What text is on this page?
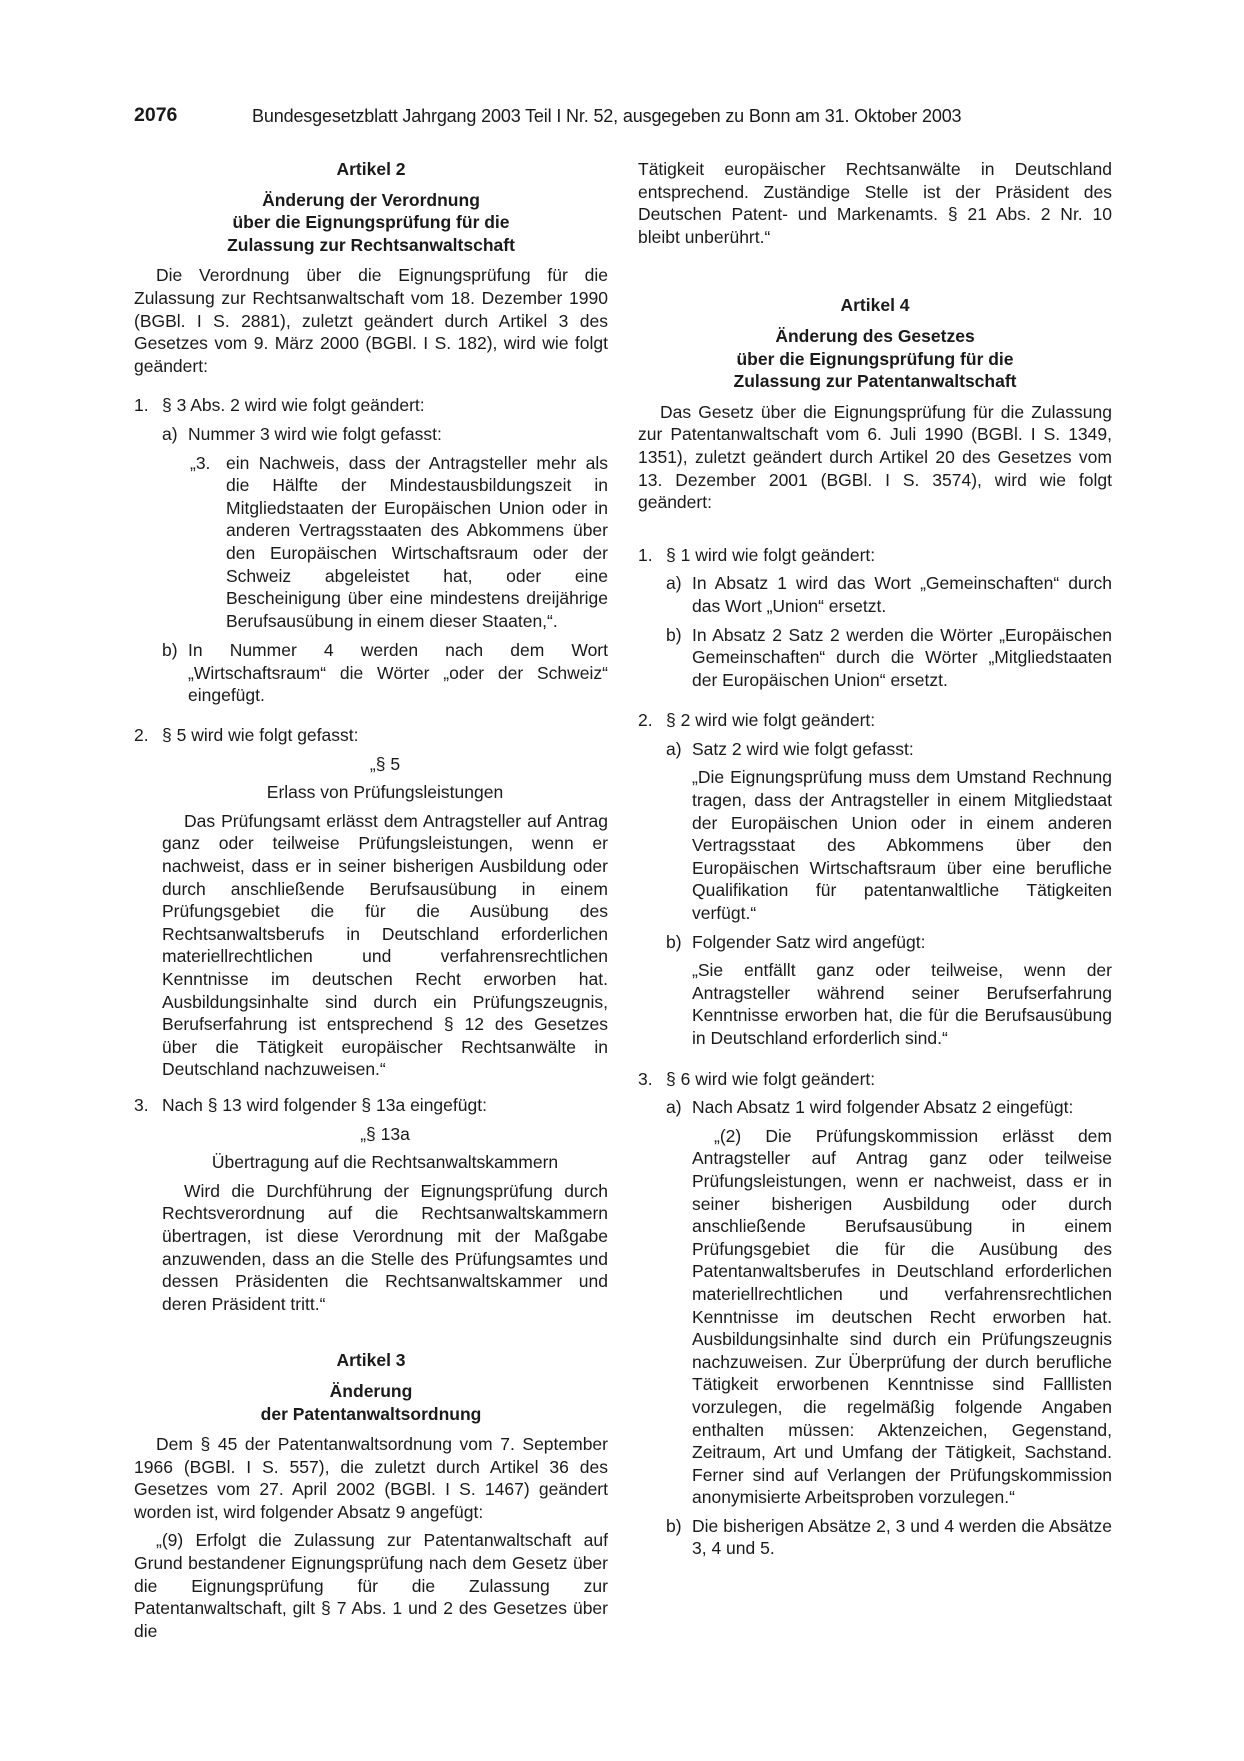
2076	Bundesgesetzblatt Jahrgang 2003 Teil I Nr. 52, ausgegeben zu Bonn am 31. Oktober 2003

Artikel 2

Änderung der Verordnung

über die Eignungsprüfung für die

Zulassung zur Rechtsanwaltschaft

Die Verordnung über die Eignungsprüfung für die Zulassung zur Rechtsanwaltschaft vom 18. Dezember 1990 (BGBl. I S. 2881), zuletzt geändert durch Artikel 3 des Gesetzes vom 9. März 2000 (BGBl. I S. 182), wird wie folgt geändert:

1. § 3 Abs. 2 wird wie folgt geändert:

a) Nummer 3 wird wie folgt gefasst:

„3. ein Nachweis, dass der Antragsteller mehr als die Hälfte der Mindestausbildungszeit in Mitgliedstaaten der Europäischen Union oder in anderen Vertragsstaaten des Abkommens über den Europäischen Wirtschaftsraum oder der Schweiz abgeleistet hat, oder eine Bescheinigung über eine mindestens dreijährige Berufsausübung in einem dieser Staaten,“.

b) In Nummer 4 werden nach dem Wort „Wirtschaftsraum“ die Wörter „oder der Schweiz“ eingefügt.

2. § 5 wird wie folgt gefasst:

„§ 5

Erlass von Prüfungsleistungen

Das Prüfungsamt erlässt dem Antragsteller auf Antrag ganz oder teilweise Prüfungsleistungen, wenn er nachweist, dass er in seiner bisherigen Ausbildung oder durch anschließende Berufsausübung in einem Prüfungsgebiet die für die Ausübung des Rechtsanwaltsberufs in Deutschland erforderlichen materiellrechtlichen und verfahrensrechtlichen Kenntnisse im deutschen Recht erworben hat. Ausbildungsinhalte sind durch ein Prüfungszeugnis, Berufserfahrung ist entsprechend § 12 des Gesetzes über die Tätigkeit europäischer Rechtsanwälte in Deutschland nachzuweisen.“

3. Nach § 13 wird folgender § 13a eingefügt:

„§ 13a

Übertragung auf die Rechtsanwaltskammern

Wird die Durchführung der Eignungsprüfung durch Rechtsverordnung auf die Rechtsanwaltskammern übertragen, ist diese Verordnung mit der Maßgabe anzuwenden, dass an die Stelle des Prüfungsamtes und dessen Präsidenten die Rechtsanwaltskammer und deren Präsident tritt.“

Artikel 3

Änderung

der Patentanwaltsordnung

Dem § 45 der Patentanwaltsordnung vom 7. September 1966 (BGBl. I S. 557), die zuletzt durch Artikel 36 des Gesetzes vom 27. April 2002 (BGBl. I S. 1467) geändert worden ist, wird folgender Absatz 9 angefügt:

„(9) Erfolgt die Zulassung zur Patentanwaltschaft auf Grund bestandener Eignungsprüfung nach dem Gesetz über die Eignungsprüfung für die Zulassung zur Patentanwaltschaft, gilt § 7 Abs. 1 und 2 des Gesetzes über die

Tätigkeit europäischer Rechtsanwälte in Deutschland entsprechend. Zuständige Stelle ist der Präsident des Deutschen Patent- und Markenamts. § 21 Abs. 2 Nr. 10 bleibt unberührt.“

Artikel 4

Änderung des Gesetzes

über die Eignungsprüfung für die

Zulassung zur Patentanwaltschaft

Das Gesetz über die Eignungsprüfung für die Zulassung zur Patentanwaltschaft vom 6. Juli 1990 (BGBl. I S. 1349, 1351), zuletzt geändert durch Artikel 20 des Gesetzes vom 13. Dezember 2001 (BGBl. I S. 3574), wird wie folgt geändert:

1. § 1 wird wie folgt geändert:

a) In Absatz 1 wird das Wort „Gemeinschaften“ durch das Wort „Union“ ersetzt.

b) In Absatz 2 Satz 2 werden die Wörter „Europäischen Gemeinschaften“ durch die Wörter „Mitgliedstaaten der Europäischen Union“ ersetzt.

2. § 2 wird wie folgt geändert:

a) Satz 2 wird wie folgt gefasst:

„Die Eignungsprüfung muss dem Umstand Rechnung tragen, dass der Antragsteller in einem Mitgliedstaat der Europäischen Union oder in einem anderen Vertragsstaat des Abkommens über den Europäischen Wirtschaftsraum über eine berufliche Qualifikation für patentanwaltliche Tätigkeiten verfügt.“

b) Folgender Satz wird angefügt:

„Sie entfällt ganz oder teilweise, wenn der Antragsteller während seiner Berufserfahrung Kenntnisse erworben hat, die für die Berufsausübung in Deutschland erforderlich sind.“

3. § 6 wird wie folgt geändert:

a) Nach Absatz 1 wird folgender Absatz 2 eingefügt:

„(2) Die Prüfungskommission erlässt dem Antragsteller auf Antrag ganz oder teilweise Prüfungsleistungen, wenn er nachweist, dass er in seiner bisherigen Ausbildung oder durch anschließende Berufsausübung in einem Prüfungsgebiet die für die Ausübung des Patentanwaltsberufes in Deutschland erforderlichen materiellrechtlichen und verfahrensrechtlichen Kenntnisse im deutschen Recht erworben hat. Ausbildungsinhalte sind durch ein Prüfungszeugnis nachzuweisen. Zur Überprüfung der durch berufliche Tätigkeit erworbenen Kenntnisse sind Falllisten vorzulegen, die regelmäßig folgende Angaben enthalten müssen: Aktenzeichen, Gegenstand, Zeitraum, Art und Umfang der Tätigkeit, Sachstand. Ferner sind auf Verlangen der Prüfungskommission anonymisierte Arbeitsproben vorzulegen.“

b) Die bisherigen Absätze 2, 3 und 4 werden die Absätze 3, 4 und 5.
